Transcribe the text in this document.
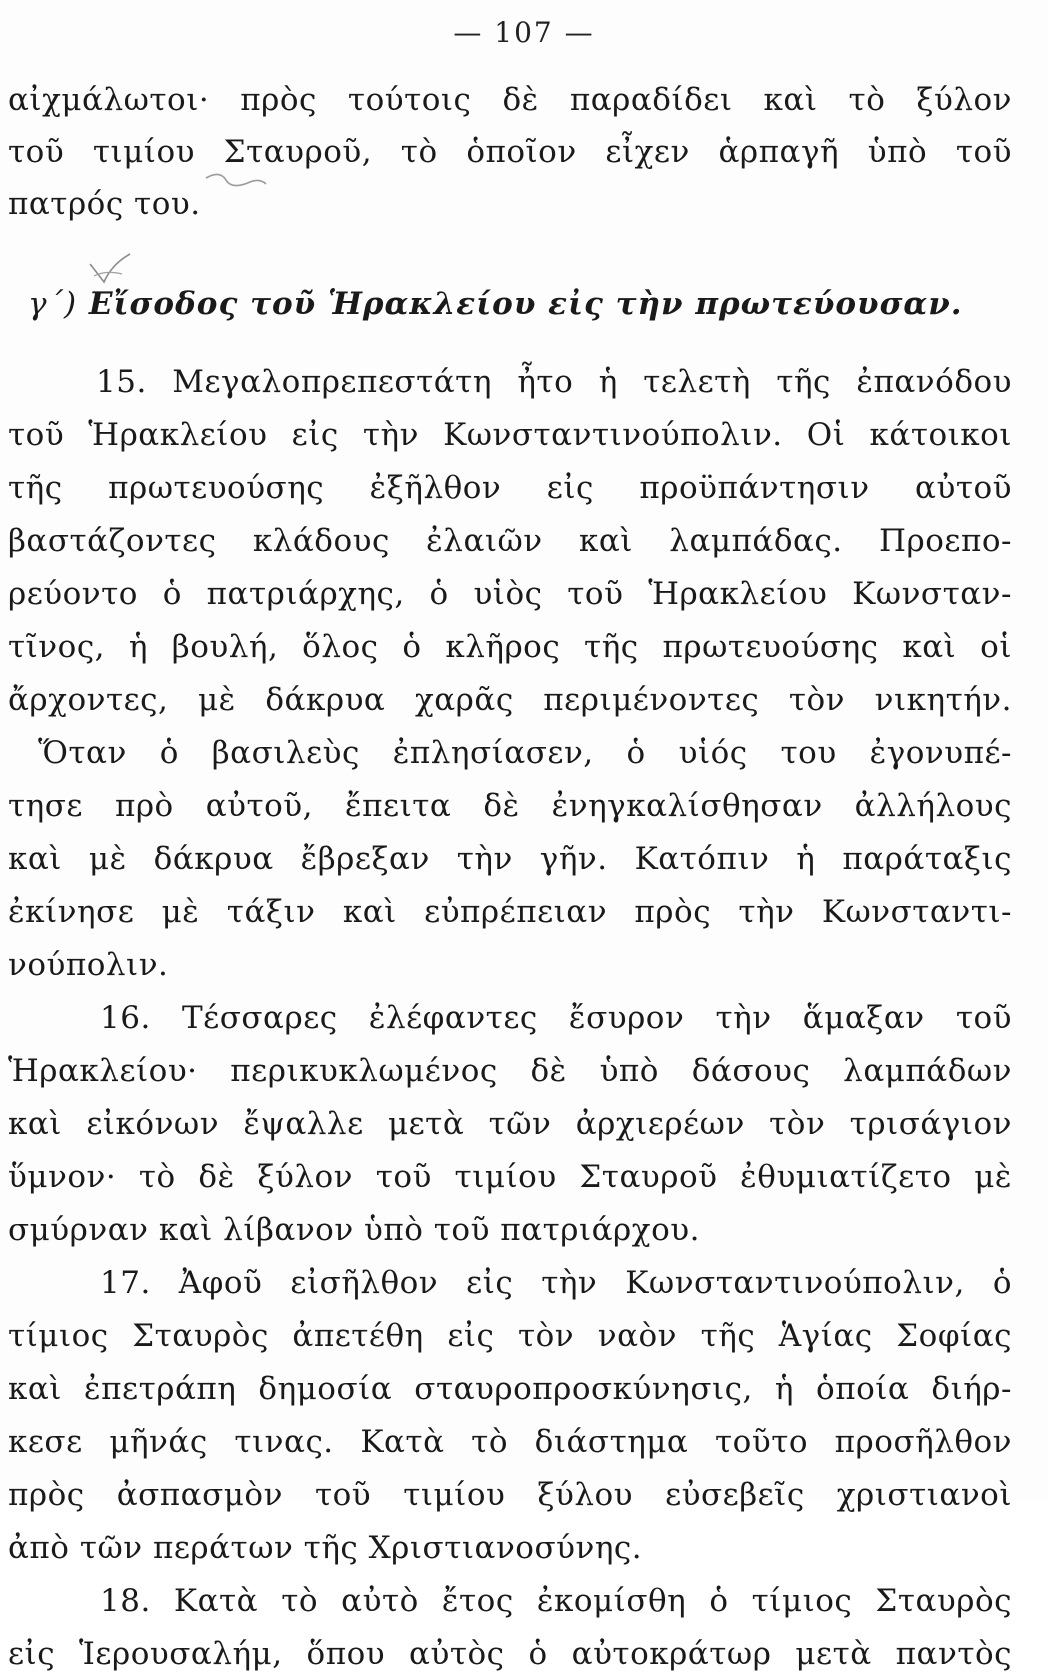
— 107 —
αἰχμάλωτοι· πρὸς τούτοις δὲ παραδίδει καὶ τὸ ξύλον
τοῦ τιμίου Σταυροῦ, τὸ ὁποῖον εἶχεν ἁρπαγῆ ὑπὸ τοῦ
πατρός του.
γ΄) Εἴσοδος τοῦ Ἡρακλείου εἰς τὴν πρωτεύουσαν.
15. Μεγαλοπρεπεστάτη ἦτο ἡ τελετὴ τῆς ἐπανόδου
τοῦ Ἡρακλείου εἰς τὴν Κωνσταντινούπολιν. Οἱ κάτοικοι
τῆς πρωτευούσης ἐξῆλθον εἰς προϋπάντησιν αὐτοῦ
βαστάζοντες κλάδους ἐλαιῶν καὶ λαμπάδας. Προεπο-
ρεύοντο ὁ πατριάρχης, ὁ υἱὸς τοῦ Ἡρακλείου Κωνσταν-
τῖνος, ἡ βουλή, ὅλος ὁ κλῆρος τῆς πρωτευούσης καὶ οἱ
ἄρχοντες, μὲ δάκρυα χαρᾶς περιμένοντες τὸν νικητήν.
Ὅταν ὁ βασιλεὺς ἐπλησίασεν, ὁ υἱός του ἐγονυπέ-
τησε πρὸ αὐτοῦ, ἔπειτα δὲ ἐνηγκαλίσθησαν ἀλλήλους
καὶ μὲ δάκρυα ἔβρεξαν τὴν γῆν. Κατόπιν ἡ παράταξις
ἐκίνησε μὲ τάξιν καὶ εὐπρέπειαν πρὸς τὴν Κωνσταντι-
νούπολιν.
16. Τέσσαρες ἐλέφαντες ἔσυρον τὴν ἅμαξαν τοῦ
Ἡρακλείου· περικυκλωμένος δὲ ὑπὸ δάσους λαμπάδων
καὶ εἰκόνων ἔψαλλε μετὰ τῶν ἀρχιερέων τὸν τρισάγιον
ὕμνον· τὸ δὲ ξύλον τοῦ τιμίου Σταυροῦ ἐθυμιατίζετο μὲ
σμύρναν καὶ λίβανον ὑπὸ τοῦ πατριάρχου.
17. Ἀφοῦ εἰσῆλθον εἰς τὴν Κωνσταντινούπολιν, ὁ
τίμιος Σταυρὸς ἀπετέθη εἰς τὸν ναὸν τῆς Ἁγίας Σοφίας
καὶ ἐπετράπη δημοσία σταυροπροσκύνησις, ἡ ὁποία διήρ-
κεσε μῆνάς τινας. Κατὰ τὸ διάστημα τοῦτο προσῆλθον
πρὸς ἀσπασμὸν τοῦ τιμίου ξύλου εὐσεβεῖς χριστιανοὶ
ἀπὸ τῶν περάτων τῆς Χριστιανοσύνης.
18. Κατὰ τὸ αὐτὸ ἔτος ἐκομίσθη ὁ τίμιος Σταυρὸς
εἰς Ἱερουσαλήμ, ὅπου αὐτὸς ὁ αὐτοκράτωρ μετὰ παντὸς
